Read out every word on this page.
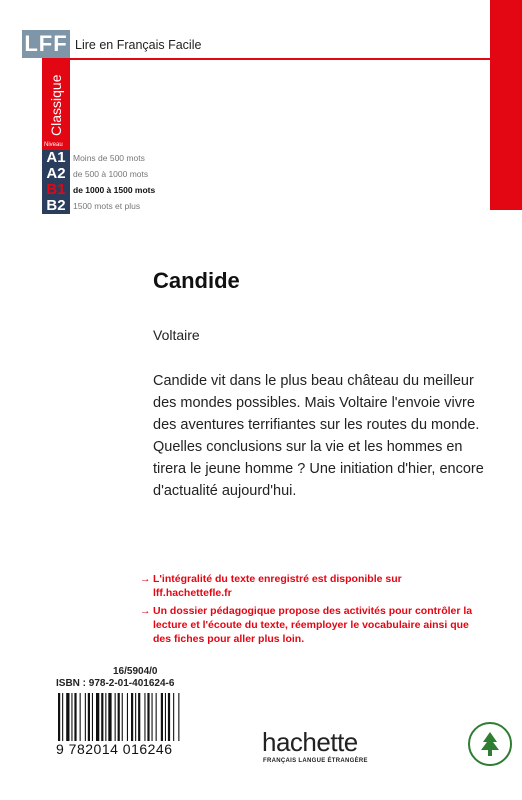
LFF Lire en Français Facile
Classique
Niveau
A1
A2
B1
B2
Moins de 500 mots
de 500 à 1000 mots
de 1000 à 1500 mots
1500 mots et plus
Candide
Voltaire
Candide vit dans le plus beau château du meilleur des mondes possibles. Mais Voltaire l'envoie vivre des aventures terrifiantes sur les routes du monde. Quelles conclusions sur la vie et les hommes en tirera le jeune homme ? Une initiation d'hier, encore d'actualité aujourd'hui.
→ L'intégralité du texte enregistré est disponible sur lff.hachettefle.fr
→ Un dossier pédagogique propose des activités pour contrôler la lecture et l'écoute du texte, réemployer le vocabulaire ainsi que des fiches pour aller plus loin.
16/5904/0
ISBN : 978-2-01-401624-6
9 782014 016246	hachette
FRANÇAIS LANGUE ÉTRANGÈRE
